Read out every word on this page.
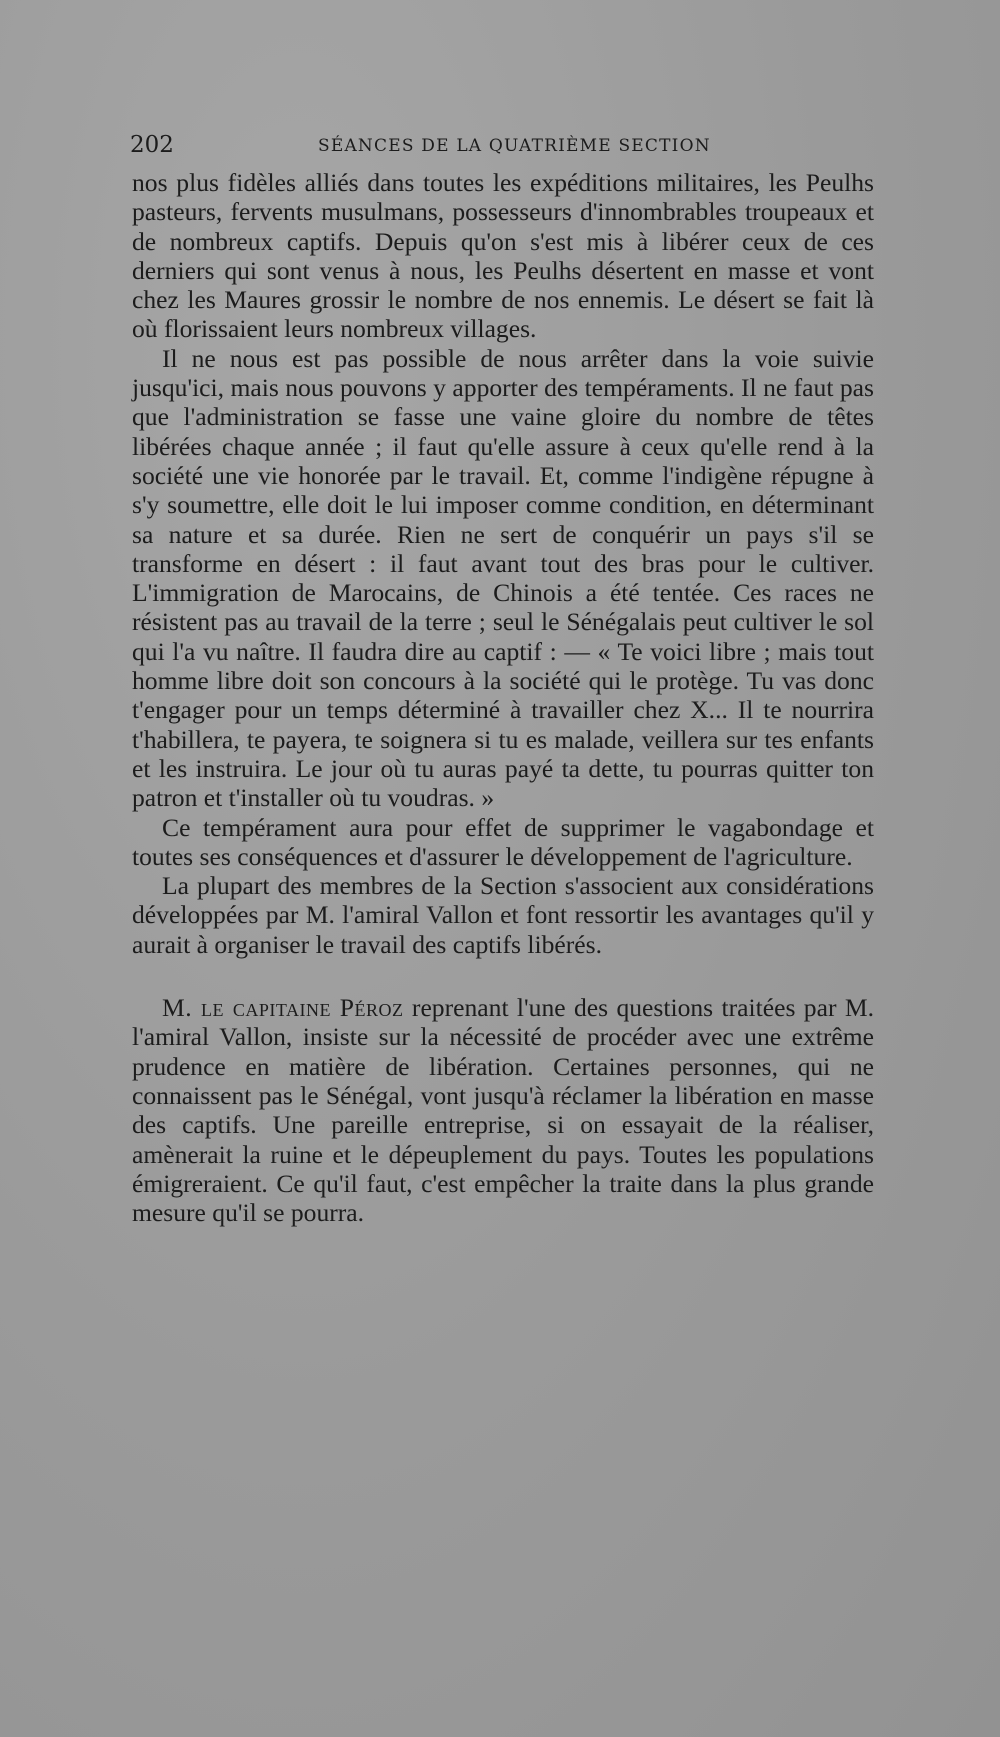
202	SÉANCES DE LA QUATRIÈME SECTION

nos plus fidèles alliés dans toutes les expéditions militaires, les Peulhs pasteurs, fervents musulmans, possesseurs d'innombrables troupeaux et de nombreux captifs. Depuis qu'on s'est mis à libérer ceux de ces derniers qui sont venus à nous, les Peulhs désertent en masse et vont chez les Maures grossir le nombre de nos ennemis. Le désert se fait là où florissaient leurs nombreux villages.

Il ne nous est pas possible de nous arrêter dans la voie suivie jusqu'ici, mais nous pouvons y apporter des tempéraments. Il ne faut pas que l'administration se fasse une vaine gloire du nombre de têtes libérées chaque année ; il faut qu'elle assure à ceux qu'elle rend à la société une vie honorée par le travail. Et, comme l'indigène répugne à s'y soumettre, elle doit le lui imposer comme condition, en déterminant sa nature et sa durée. Rien ne sert de conquérir un pays s'il se transforme en désert : il faut avant tout des bras pour le cultiver. L'immigration de Marocains, de Chinois a été tentée. Ces races ne résistent pas au travail de la terre ; seul le Sénégalais peut cultiver le sol qui l'a vu naître. Il faudra dire au captif : — « Te voici libre ; mais tout homme libre doit son concours à la société qui le protège. Tu vas donc t'engager pour un temps déterminé à travailler chez X... Il te nourrira t'habillera, te payera, te soignera si tu es malade, veillera sur tes enfants et les instruira. Le jour où tu auras payé ta dette, tu pourras quitter ton patron et t'installer où tu voudras. »

Ce tempérament aura pour effet de supprimer le vagabondage et toutes ses conséquences et d'assurer le développement de l'agriculture.

La plupart des membres de la Section s'associent aux considérations développées par M. l'amiral Vallon et font ressortir les avantages qu'il y aurait à organiser le travail des captifs libérés.

M. le capitaine Péroz reprenant l'une des questions traitées par M. l'amiral Vallon, insiste sur la nécessité de procéder avec une extrême prudence en matière de libération. Certaines personnes, qui ne connaissent pas le Sénégal, vont jusqu'à réclamer la libération en masse des captifs. Une pareille entreprise, si on essayait de la réaliser, amènerait la ruine et le dépeuplement du pays. Toutes les populations émigreraient. Ce qu'il faut, c'est empêcher la traite dans la plus grande mesure qu'il se pourra.
